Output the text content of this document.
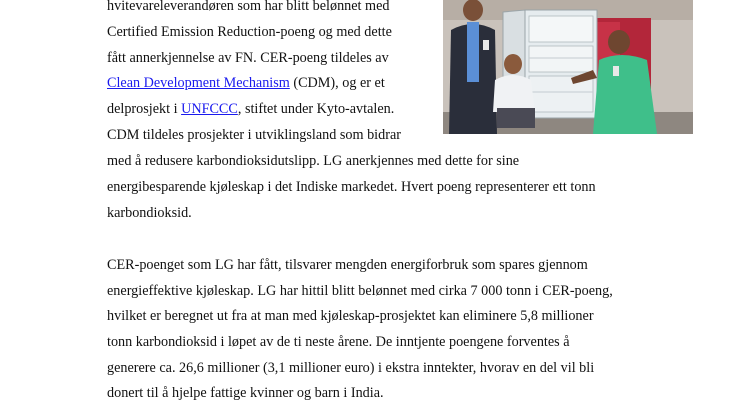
hvitevareleverandøren som har blitt belønnet med

Certified Emission Reduction-poeng og med dette

fått annerkjennelse av FN. CER-poeng tildeles av

Clean Development Mechanism (CDM), og er et

delprosjekt i UNFCCC, stiftet under Kyto-avtalen.

CDM tildeles prosjekter i utviklingsland som bidrar

med å redusere karbondioksidutslipp. LG anerkjennes med dette for sine

energibesparende kjøleskap i det Indiske markedet. Hvert poeng representerer ett tonn

karbondioksid.

CER-poenget som LG har fått, tilsvarer mengden energiforbruk som spares gjennom

energieffektive kjøleskap. LG har hittil blitt belønnet med cirka 7 000 tonn i CER-poeng,

hvilket er beregnet ut fra at man med kjøleskap-prosjektet kan eliminere 5,8 millioner

tonn karbondioksid i løpet av de ti neste årene. De inntjente poengene forventes å

generere ca. 26,6 millioner (3,1 millioner euro) i ekstra inntekter, hvorav en del vil bli

donert til å hjelpe fattige kvinner og barn i India.
